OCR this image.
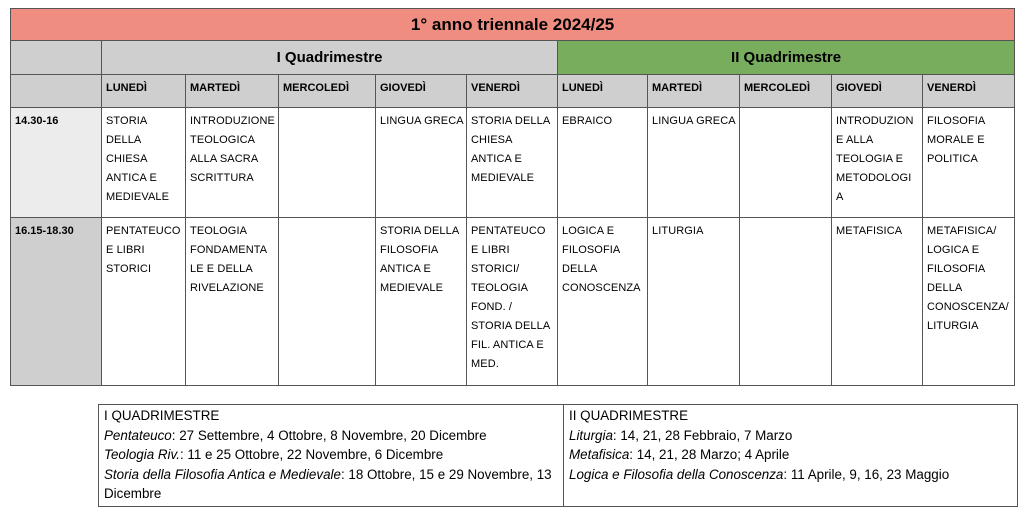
1° anno triennale 2024/25										
	I Quadrimestre					II Quadrimestre				
	LUNEDÌ	MARTEDÌ	MERCOLEDÌ	GIOVEDÌ	VENERDÌ	LUNEDÌ	MARTEDÌ	MERCOLEDÌ	GIOVEDÌ	VENERDÌ
14.30-16	STORIA DELLA CHIESA ANTICA E MEDIEVALE	INTRODUZIONE TEOLOGICA ALLA SACRA SCRITTURA		LINGUA GRECA	STORIA DELLA CHIESA ANTICA E MEDIEVALE	EBRAICO	LINGUA GRECA		INTRODUZION E ALLA TEOLOGIA E METODOLOGI A	FILOSOFIA MORALE E POLITICA
16.15-18.30	PENTATEUCO E LIBRI STORICI	TEOLOGIA FONDAMENTA LE E DELLA RIVELAZIONE		STORIA DELLA FILOSOFIA ANTICA E MEDIEVALE	PENTATEUCO E LIBRI STORICI/ TEOLOGIA FOND. / STORIA DELLA FIL. ANTICA E MED.	LOGICA E FILOSOFIA DELLA CONOSCENZA	LITURGIA		METAFISICA	METAFISICA/ LOGICA E FILOSOFIA DELLA CONOSCENZA/ LITURGIA
I QUADRIMESTRE
Pentateuco: 27 Settembre, 4 Ottobre, 8 Novembre, 20 Dicembre
Teologia Riv.: 11 e 25 Ottobre, 22 Novembre, 6 Dicembre
Storia della Filosofia Antica e Medievale: 18 Ottobre, 15 e 29 Novembre, 13 Dicembre

II QUADRIMESTRE
Liturgia: 14, 21, 28 Febbraio, 7 Marzo
Metafisica: 14, 21, 28 Marzo; 4 Aprile
Logica e Filosofia della Conoscenza: 11 Aprile, 9, 16, 23 Maggio
